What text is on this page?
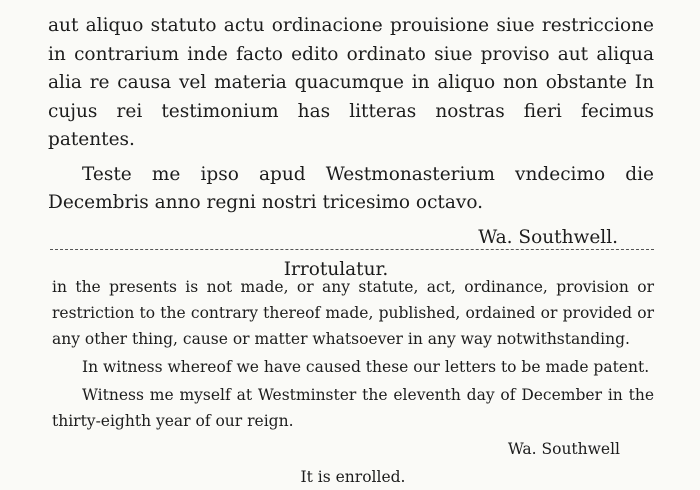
aut aliquo statuto actu ordinacione prouisione siue restriccione in contrarium inde facto edito ordinato siue proviso aut aliqua alia re causa vel materia quacumque in aliquo non obstante In cujus rei testimonium has litteras nostras fieri fecimus patentes.

Teste me ipso apud Westmonasterium vndecimo die Decembris anno regni nostri tricesimo octavo.

Wa. Southwell.
Irrotulatur.

in the presents is not made, or any statute, act, ordinance, provision or restriction to the contrary thereof made, published, ordained or provided or any other thing, cause or matter whatsoever in any way notwithstanding.

In witness whereof we have caused these our letters to be made patent.

Witness me myself at Westminster the eleventh day of December in the thirty-eighth year of our reign.

Wa. Southwell
It is enrolled.
